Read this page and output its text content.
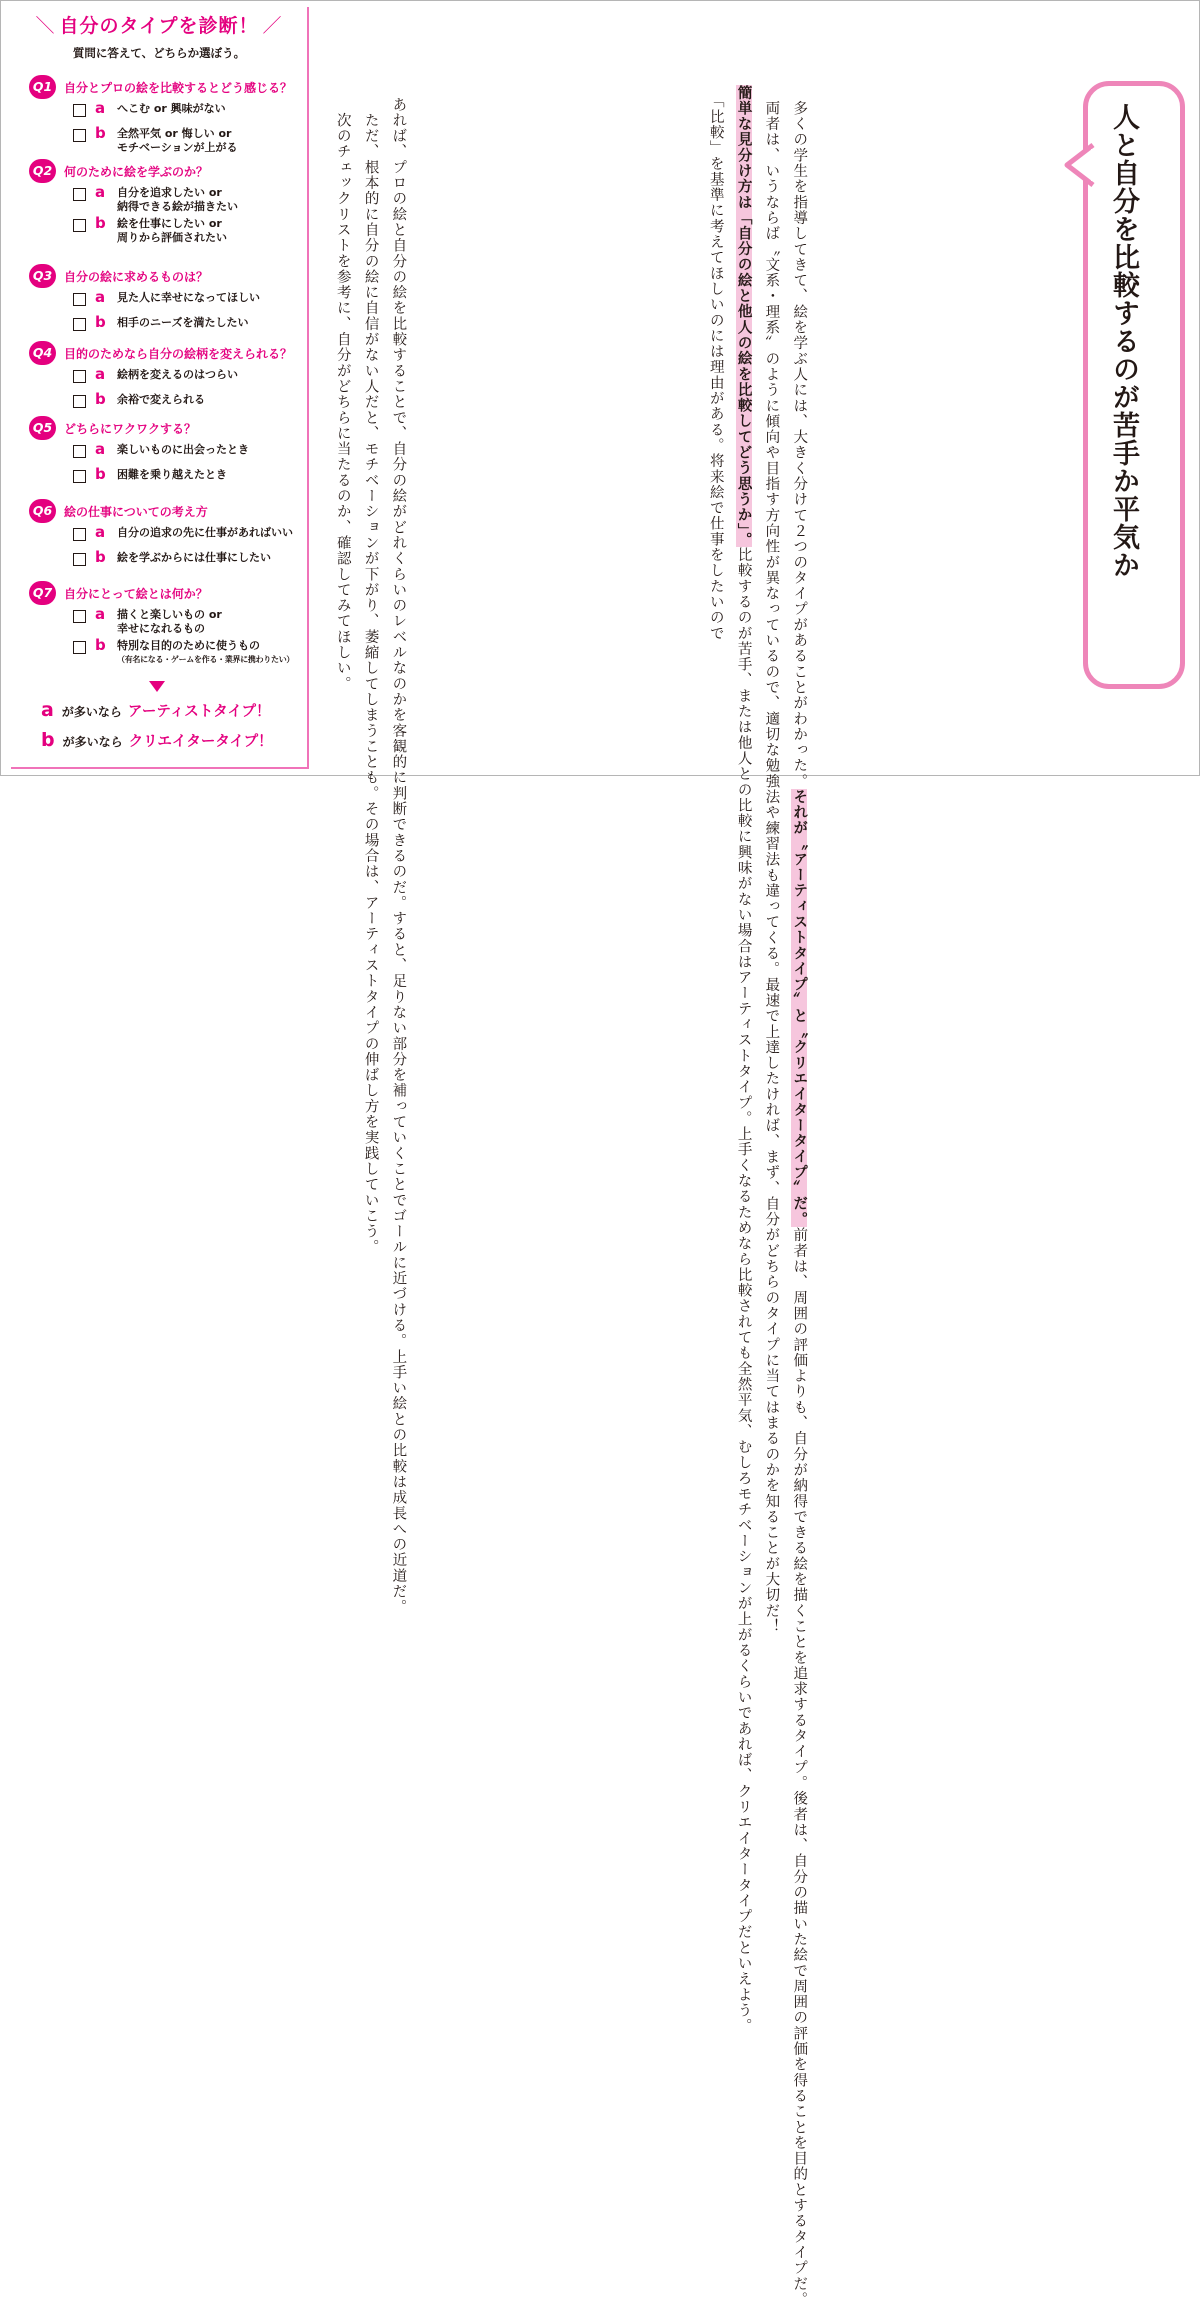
＼ 自分のタイプを診断！ ／
質問に答えて、どちらか選ぼう。
Q1 自分とプロの絵を比較するとどう感じる？
a へこむ or 興味がない
b 全然平気 or 悔しい or
モチベーションが上がる
Q2 何のために絵を学ぶのか？
a 自分を追求したい or
納得できる絵が描きたい
b 絵を仕事にしたい or
周りから評価されたい
Q3 自分の絵に求めるものは？
a 見た人に幸せになってほしい
b 相手のニーズを満たしたい
Q4 目的のためなら自分の絵柄を変えられる？
a 絵柄を変えるのはつらい
b 余裕で変えられる
Q5 どちらにワクワクする？
a 楽しいものに出会ったとき
b 困難を乗り越えたとき
Q6 絵の仕事についての考え方
a 自分の追求の先に仕事があればいい
b 絵を学ぶからには仕事にしたい
Q7 自分にとって絵とは何か？
a 描くと楽しいもの or
幸せになれるもの
b 特別な目的のために使うもの
（有名になる・ゲームを作る・業界に携わりたい）
aが多いなら アーティストタイプ！
bが多いなら クリエイタータイプ！	あれば、プロの絵と自分の絵を比較することで、自分の絵がどれくらいのレベルなのかを客観的に判断できるのだ。すると、足りない部分を補っていくことでゴールに近づける。上手い絵との比較は成長への近道だ。
　ただ、根本的に自分の絵に自信がない人だと、モチベーションが下がり、萎縮してしまうことも。その場合は、アーティストタイプの伸ばし方を実践していこう。
　次のチェックリストを参考に、自分がどちらに当たるのか、確認してみてほしい。	　多くの学生を指導してきて、絵を学ぶ人には、大きく分けて２つのタイプがあることがわかった。それが〝アーティストタイプ〟と〝クリエイタータイプ〟だ。前者は、周囲の評価よりも、自分が納得できる絵を描くことを追求するタイプ。後者は、自分の描いた絵で周囲の評価を得ることを目的とするタイプだ。
　両者は、いうならば〝文系・理系〟のように傾向や目指す方向性が異なっているので、適切な勉強法や練習法も違ってくる。最速で上達したければ、まず、自分がどちらのタイプに当てはまるのかを知ることが大切だ！
簡単な見分け方は「自分の絵と他人の絵を比較してどう思うか」。比較するのが苦手、または他人との比較に興味がない場合はアーティストタイプ。上手くなるためなら比較されても全然平気、むしろモチベーションが上がるくらいであれば、クリエイタータイプだといえよう。
　「比較」を基準に考えてほしいのには理由がある。将来絵で仕事をしたいので	人と自分を比較するのが苦手か平気か
